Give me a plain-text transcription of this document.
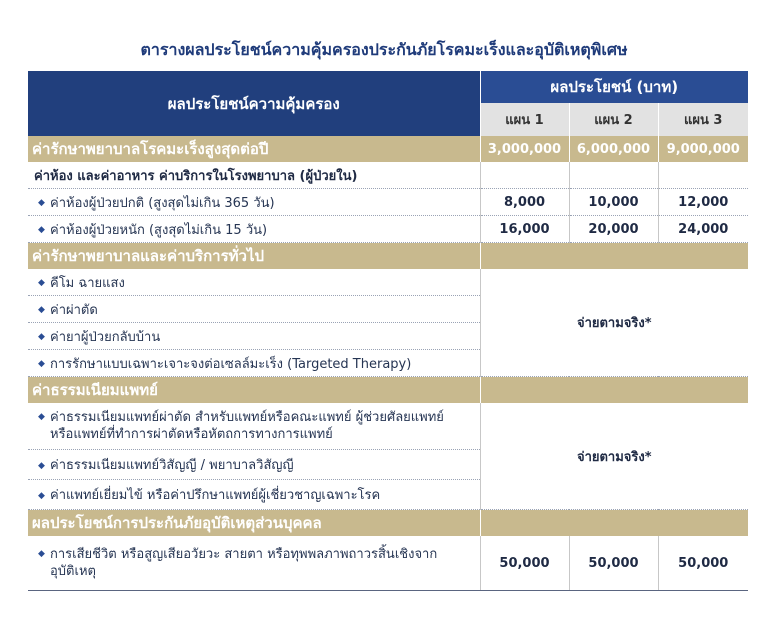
ตารางผลประโยชน์ความคุ้มครองประกันภัยโรคมะเร็งและอุบัติเหตุพิเศษ
ผลประโยชน์ความคุ้มครอง	ผลประโยชน์ (บาท)		
	แผน 1	แผน 2	แผน 3
ค่ารักษาพยาบาลโรคมะเร็งสูงสุดต่อปี	3,000,000	6,000,000	9,000,000
ค่าห้อง และค่าอาหาร ค่าบริการในโรงพยาบาล (ผู้ป่วยใน)			
◆ ค่าห้องผู้ป่วยปกติ (สูงสุดไม่เกิน 365 วัน)	8,000	10,000	12,000
◆ ค่าห้องผู้ป่วยหนัก (สูงสุดไม่เกิน 15 วัน)	16,000	20,000	24,000
ค่ารักษาพยาบาลและค่าบริการทั่วไป			
◆ คีโม ฉายแสง	จ่ายตามจริง*		
◆ ค่าผ่าตัด			
◆ ค่ายาผู้ป่วยกลับบ้าน			
◆ การรักษาแบบเฉพาะเจาะจงต่อเซลล์มะเร็ง (Targeted Therapy)			
ค่าธรรมเนียมแพทย์			
◆ ค่าธรรมเนียมแพทย์ผ่าตัด สำหรับแพทย์หรือคณะแพทย์ ผู้ช่วยศัลยแพทย์ หรือแพทย์ที่ทำการผ่าตัดหรือหัตถการทางการแพทย์	จ่ายตามจริง*		
◆ ค่าธรรมเนียมแพทย์วิสัญญี / พยาบาลวิสัญญี			
◆ ค่าแพทย์เยี่ยมไข้ หรือค่าปรึกษาแพทย์ผู้เชี่ยวชาญเฉพาะโรค			
ผลประโยชน์การประกันภัยอุบัติเหตุส่วนบุคคล			
◆ การเสียชีวิต หรือสูญเสียอวัยวะ สายตา หรือทุพพลภาพถาวรสิ้นเชิงจาก อุบัติเหตุ	50,000	50,000	50,000
